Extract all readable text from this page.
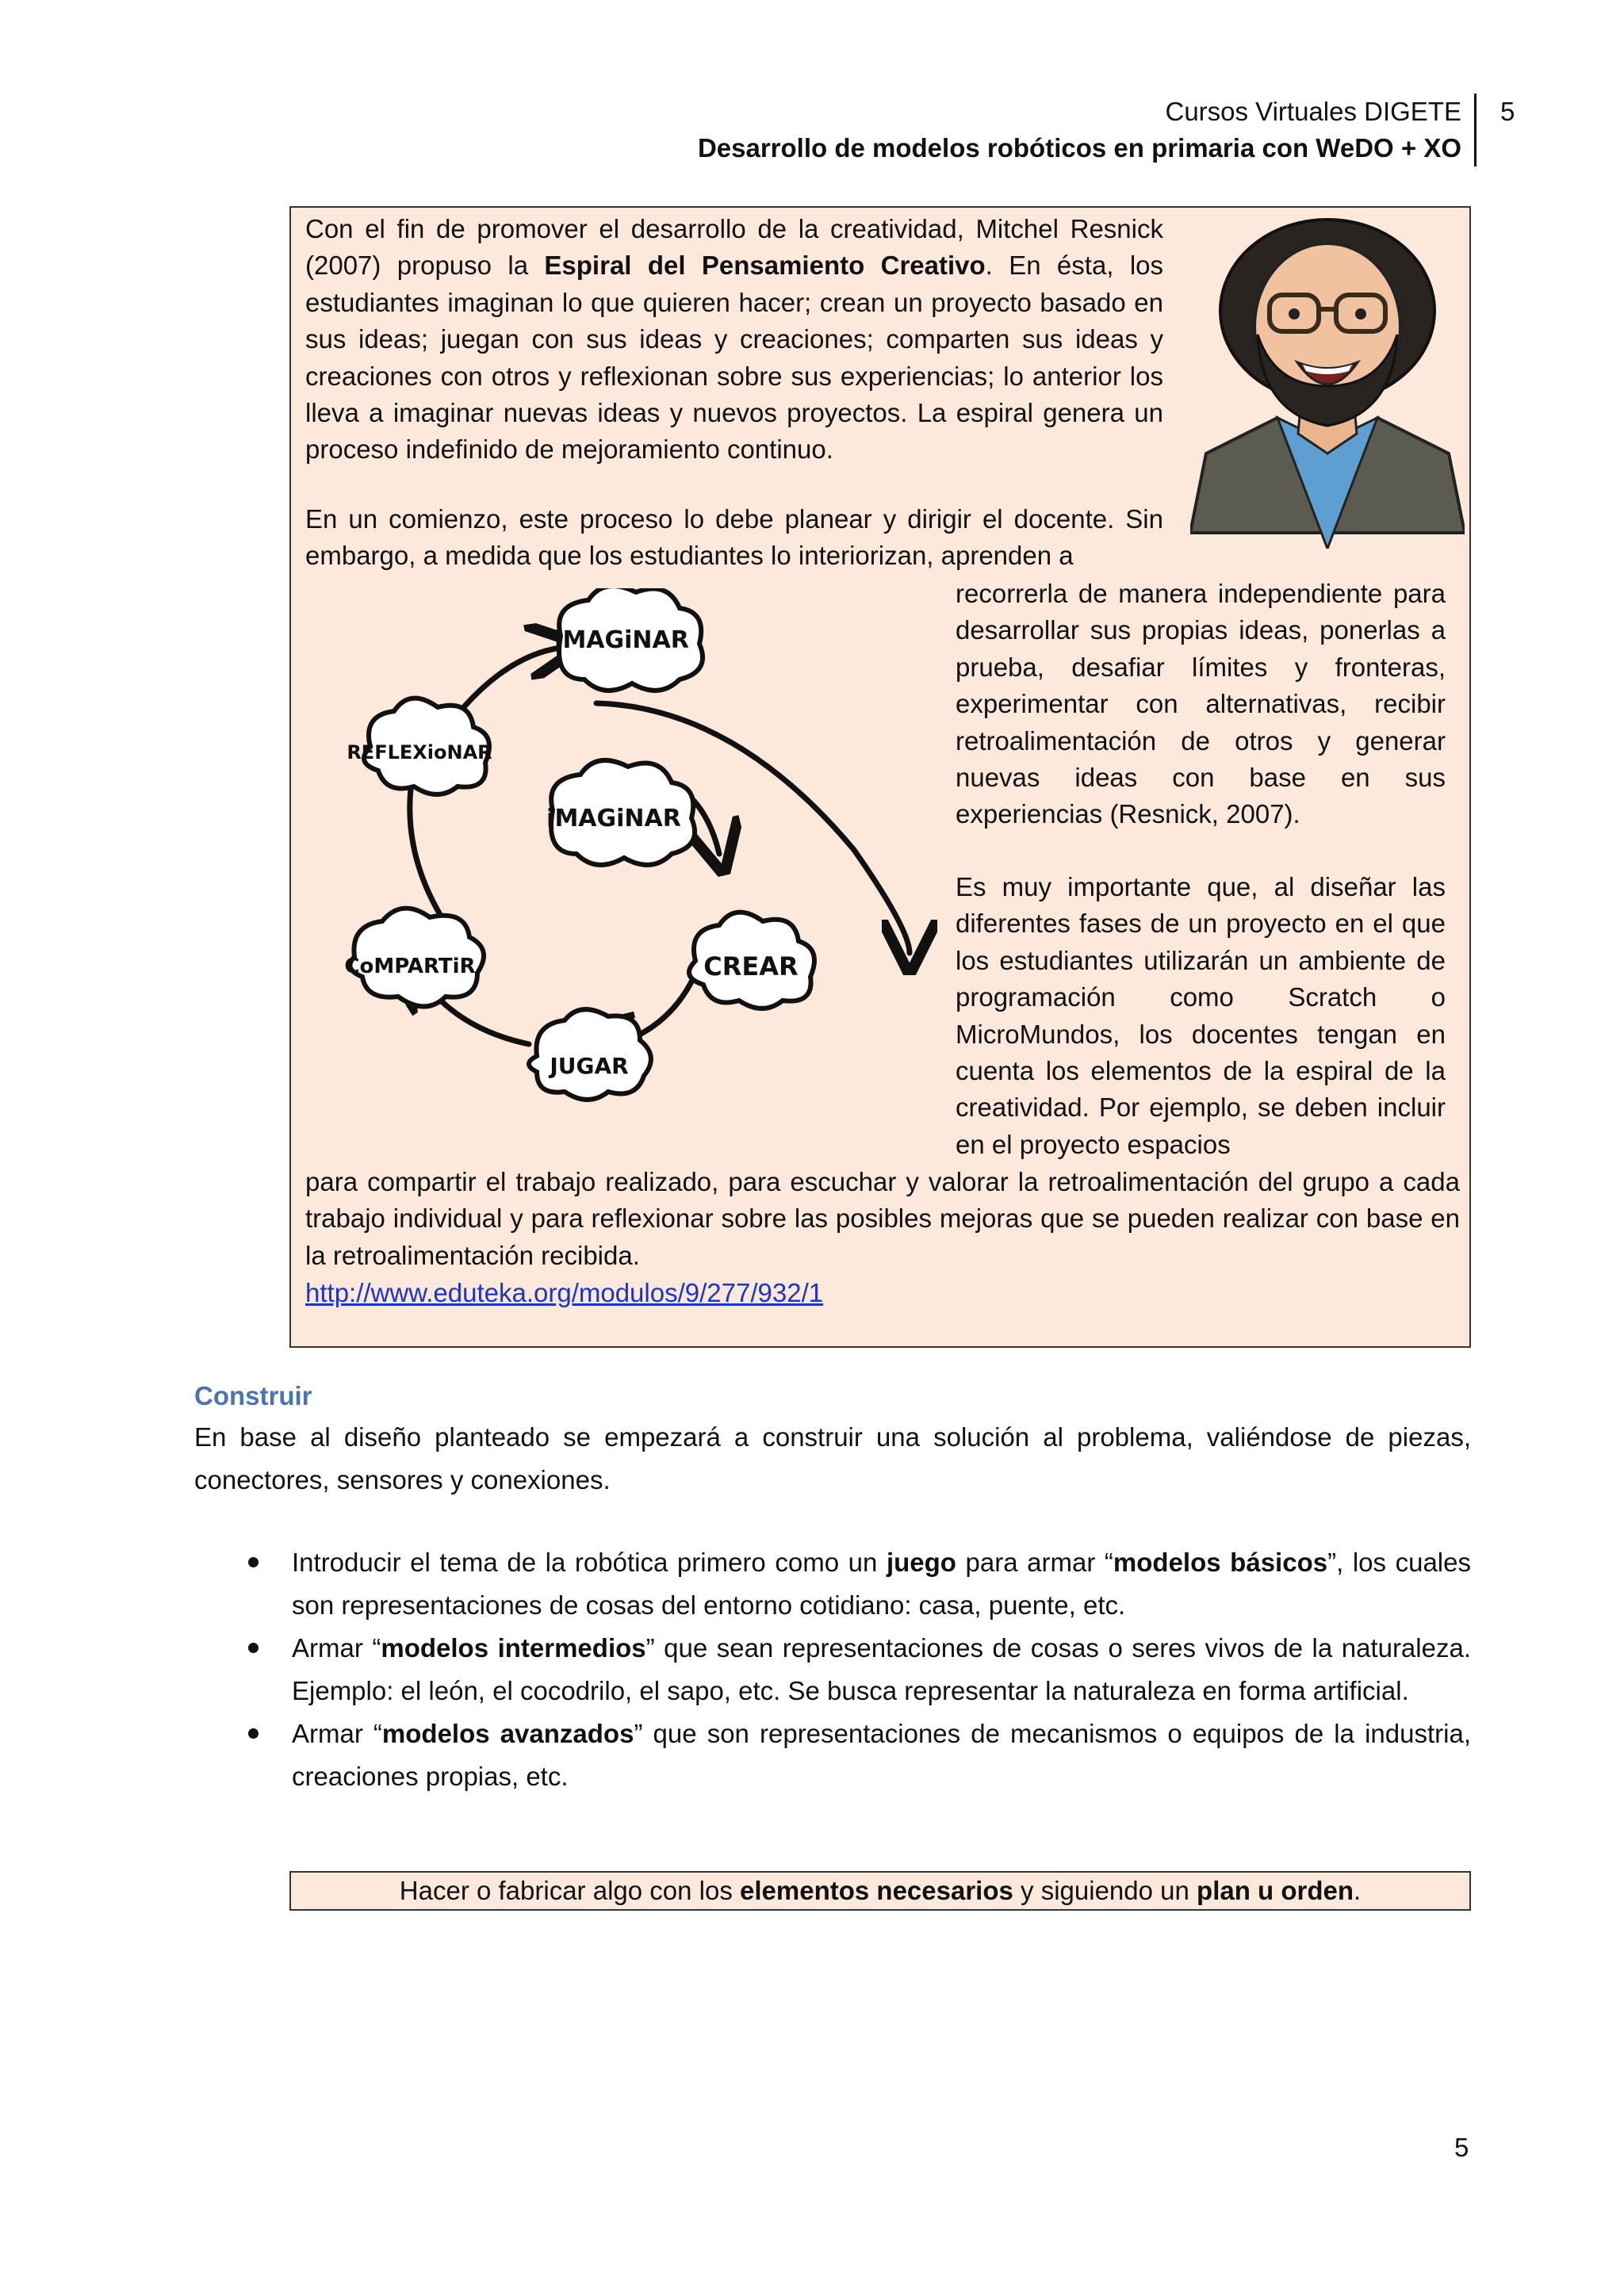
Cursos Virtuales DIGETE
Desarrollo de modelos robóticos en primaria con WeDO + XO
5

Con el fin de promover el desarrollo de la creatividad, Mitchel Resnick (2007) propuso la Espiral del Pensamiento Creativo. En ésta, los estudiantes imaginan lo que quieren hacer; crean un proyecto basado en sus ideas; juegan con sus ideas y creaciones; comparten sus ideas y creaciones con otros y reflexionan sobre sus experiencias; lo anterior los lleva a imaginar nuevas ideas y nuevos proyectos. La espiral genera un proceso indefinido de mejoramiento continuo.

En un comienzo, este proceso lo debe planear y dirigir el docente. Sin embargo, a medida que los estudiantes lo interiorizan, aprenden a

recorrerla de manera independiente para desarrollar sus propias ideas, ponerlas a prueba, desafiar límites y fronteras, experimentar con alternativas, recibir retroalimentación de otros y generar nuevas ideas con base en sus experiencias (Resnick, 2007).

Es muy importante que, al diseñar las diferentes fases de un proyecto en el que los estudiantes utilizarán un ambiente de programación como Scratch o MicroMundos, los docentes tengan en cuenta los elementos de la espiral de la creatividad. Por ejemplo, se deben incluir en el proyecto espacios

para compartir el trabajo realizado, para escuchar y valorar la retroalimentación del grupo a cada trabajo individual y para reflexionar sobre las posibles mejoras que se pueden realizar con base en la retroalimentación recibida.

http://www.eduteka.org/modulos/9/277/932/1
iMAGiNAR
REFLEXioNAR
iMAGiNAR
CoMPARTiR	CREAR
JUGAR
Construir

En base al diseño planteado se empezará a construir una solución al problema, valiéndose de piezas, conectores, sensores y conexiones.

Introducir el tema de la robótica primero como un juego para armar “modelos básicos”, los cuales son representaciones de cosas del entorno cotidiano: casa, puente, etc.
Armar “modelos intermedios” que sean representaciones de cosas o seres vivos de la naturaleza. Ejemplo: el león, el cocodrilo, el sapo, etc. Se busca representar la naturaleza en forma artificial.
Armar “modelos avanzados” que son representaciones de mecanismos o equipos de la industria, creaciones propias, etc.
Hacer o fabricar algo con los elementos necesarios y siguiendo un plan u orden.
5
